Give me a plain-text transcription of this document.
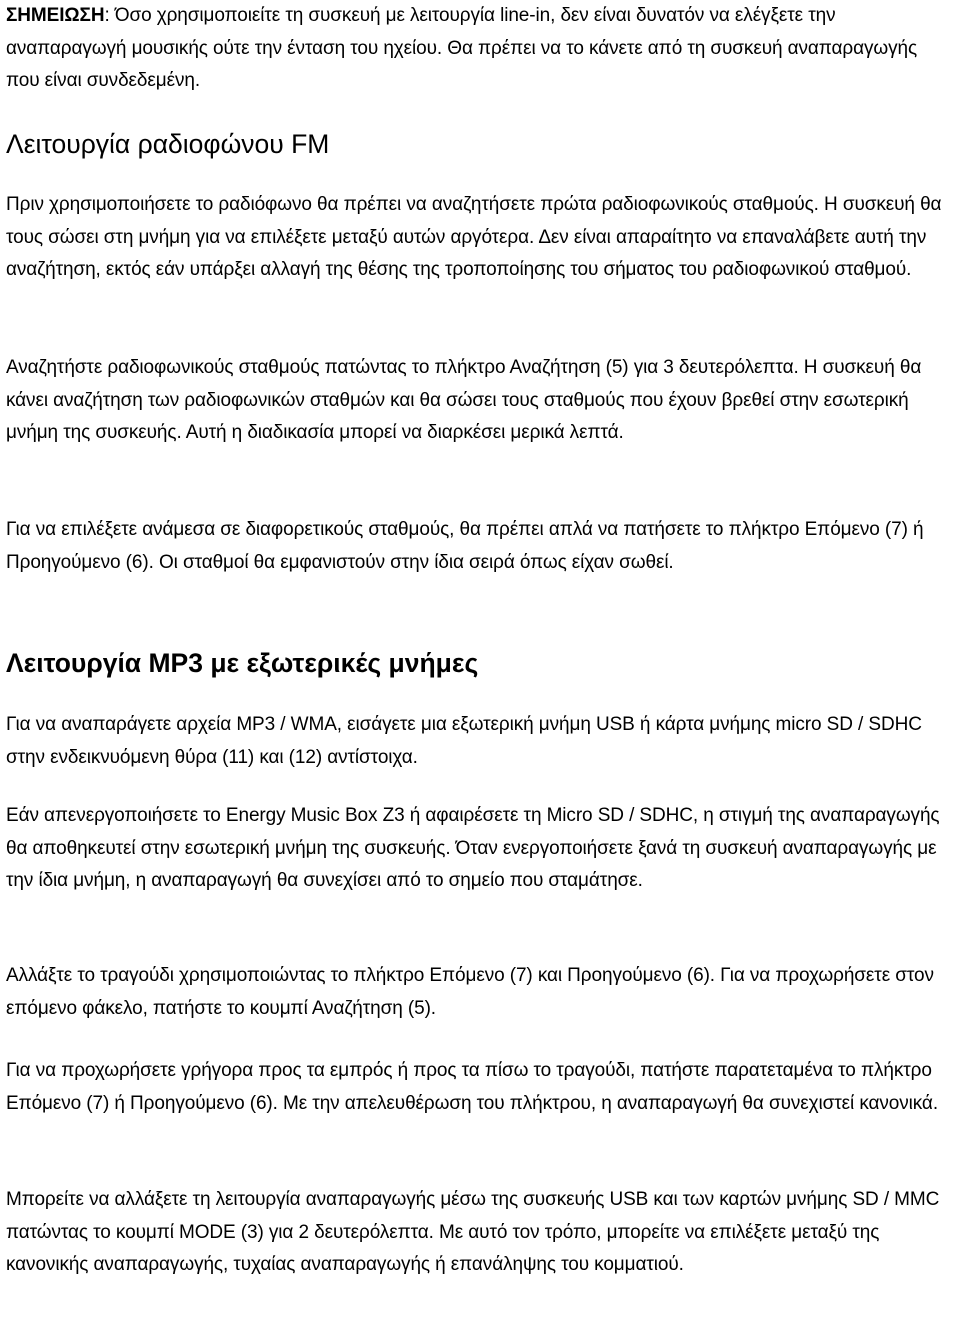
ΣΗΜΕΙΩΣΗ: Όσο χρησιμοποιείτε τη συσκευή με λειτουργία line-in, δεν είναι δυνατόν να ελέγξετε την αναπαραγωγή μουσικής ούτε την ένταση του ηχείου. Θα πρέπει να το κάνετε από τη συσκευή αναπαραγωγής που είναι συνδεδεμένη.

Λειτουργία ραδιοφώνου FM

Πριν χρησιμοποιήσετε το ραδιόφωνο θα πρέπει να αναζητήσετε πρώτα ραδιοφωνικούς σταθμούς. Η συσκευή θα τους σώσει στη μνήμη για να επιλέξετε μεταξύ αυτών αργότερα. Δεν είναι απαραίτητο να επαναλάβετε αυτή την αναζήτηση, εκτός εάν υπάρξει αλλαγή της θέσης της τροποποίησης του σήματος του ραδιοφωνικού σταθμού.

Αναζητήστε ραδιοφωνικούς σταθμούς πατώντας το πλήκτρο Αναζήτηση (5) για 3 δευτερόλεπτα. Η συσκευή θα κάνει αναζήτηση των ραδιοφωνικών σταθμών και θα σώσει τους σταθμούς που έχουν βρεθεί στην εσωτερική μνήμη της συσκευής. Αυτή η διαδικασία μπορεί να διαρκέσει μερικά λεπτά.

Για να επιλέξετε ανάμεσα σε διαφορετικούς σταθμούς, θα πρέπει απλά να πατήσετε το πλήκτρο Επόμενο (7) ή Προηγούμενο (6). Οι σταθμοί θα εμφανιστούν στην ίδια σειρά όπως είχαν σωθεί.

Λειτουργία MP3 με εξωτερικές μνήμες

Για να αναπαράγετε αρχεία MP3 / WMA, εισάγετε μια εξωτερική μνήμη USB ή κάρτα μνήμης micro SD / SDHC στην ενδεικνυόμενη θύρα (11) και (12) αντίστοιχα.

Εάν απενεργοποιήσετε το Energy Music Box Z3 ή αφαιρέσετε τη Micro SD / SDHC, η στιγμή της αναπαραγωγής θα αποθηκευτεί στην εσωτερική μνήμη της συσκευής. Όταν ενεργοποιήσετε ξανά τη συσκευή αναπαραγωγής με την ίδια μνήμη, η αναπαραγωγή θα συνεχίσει από το σημείο που σταμάτησε.

Αλλάξτε το τραγούδι χρησιμοποιώντας το πλήκτρο Επόμενο (7) και Προηγούμενο (6). Για να προχωρήσετε στον επόμενο φάκελο, πατήστε το κουμπί Αναζήτηση (5).

Για να προχωρήσετε γρήγορα προς τα εμπρός ή προς τα πίσω το τραγούδι, πατήστε παρατεταμένα το πλήκτρο Επόμενο (7) ή Προηγούμενο (6). Με την απελευθέρωση του πλήκτρου, η αναπαραγωγή θα συνεχιστεί κανονικά.

Μπορείτε να αλλάξετε τη λειτουργία αναπαραγωγής μέσω της συσκευής USB και των καρτών μνήμης SD / MMC πατώντας το κουμπί MODE (3) για 2 δευτερόλεπτα. Με αυτό τον τρόπο, μπορείτε να επιλέξετε μεταξύ της κανονικής αναπαραγωγής, τυχαίας αναπαραγωγής ή επανάληψης του κομματιού.
